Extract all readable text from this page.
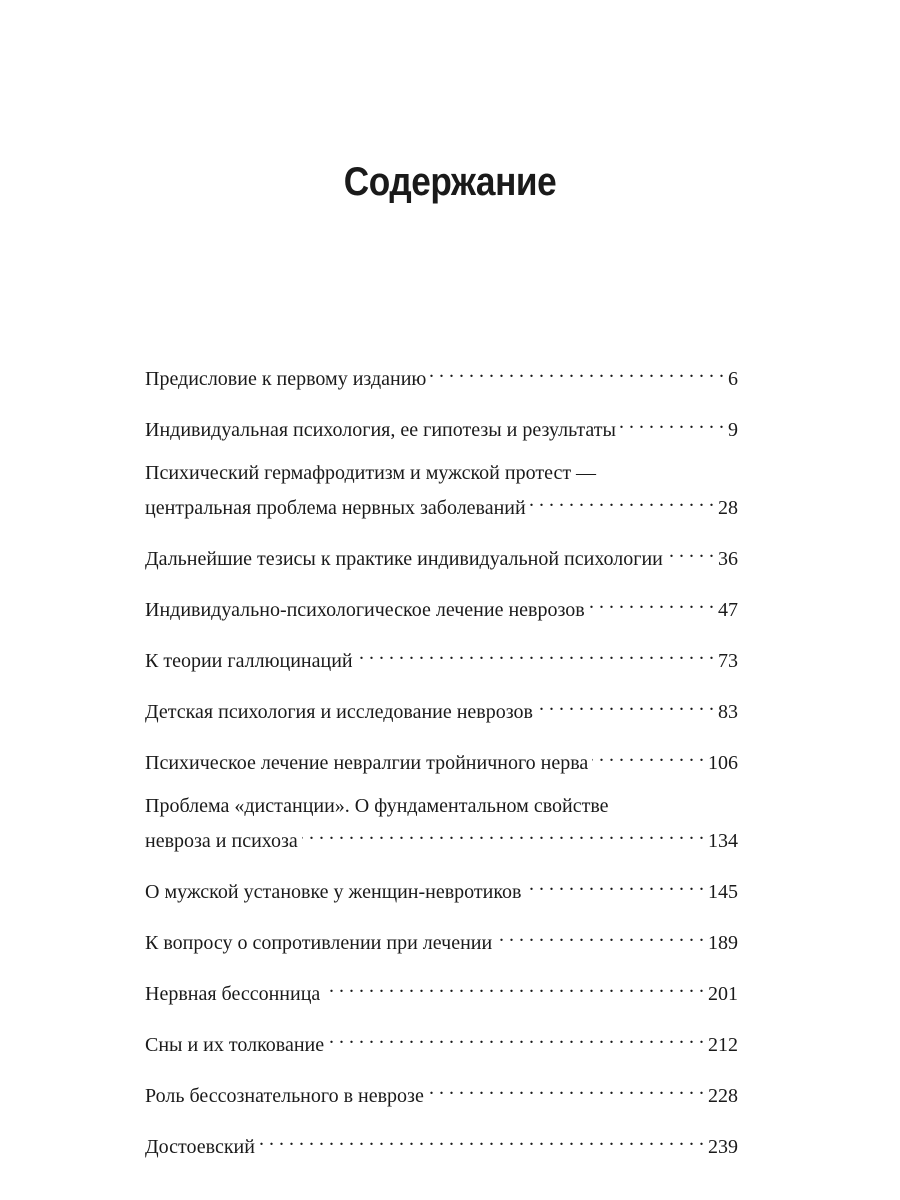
Содержание
Предисловие к первому изданию . . .	6
Индивидуальная психология, ее гипотезы и результаты . . .	9
Психический гермафродитизм и мужской протест —
центральная проблема нервных заболеваний . . .	28
Дальнейшие тезисы к практике индивидуальной психологии . . .	36
Индивидуально-психологическое лечение неврозов . . .	47
К теории галлюцинаций . . .	73
Детская психология и исследование неврозов . . .	83
Психическое лечение невралгии тройничного нерва . . .	106
Проблема «дистанции». О фундаментальном свойстве
невроза и психоза . . .	134
О мужской установке у женщин-невротиков . . .	145
К вопросу о сопротивлении при лечении . . .	189
Нервная бессонница . . .	201
Сны и их толкование . . .	212
Роль бессознательного в неврозе . . .	228
Достоевский . . .	239
